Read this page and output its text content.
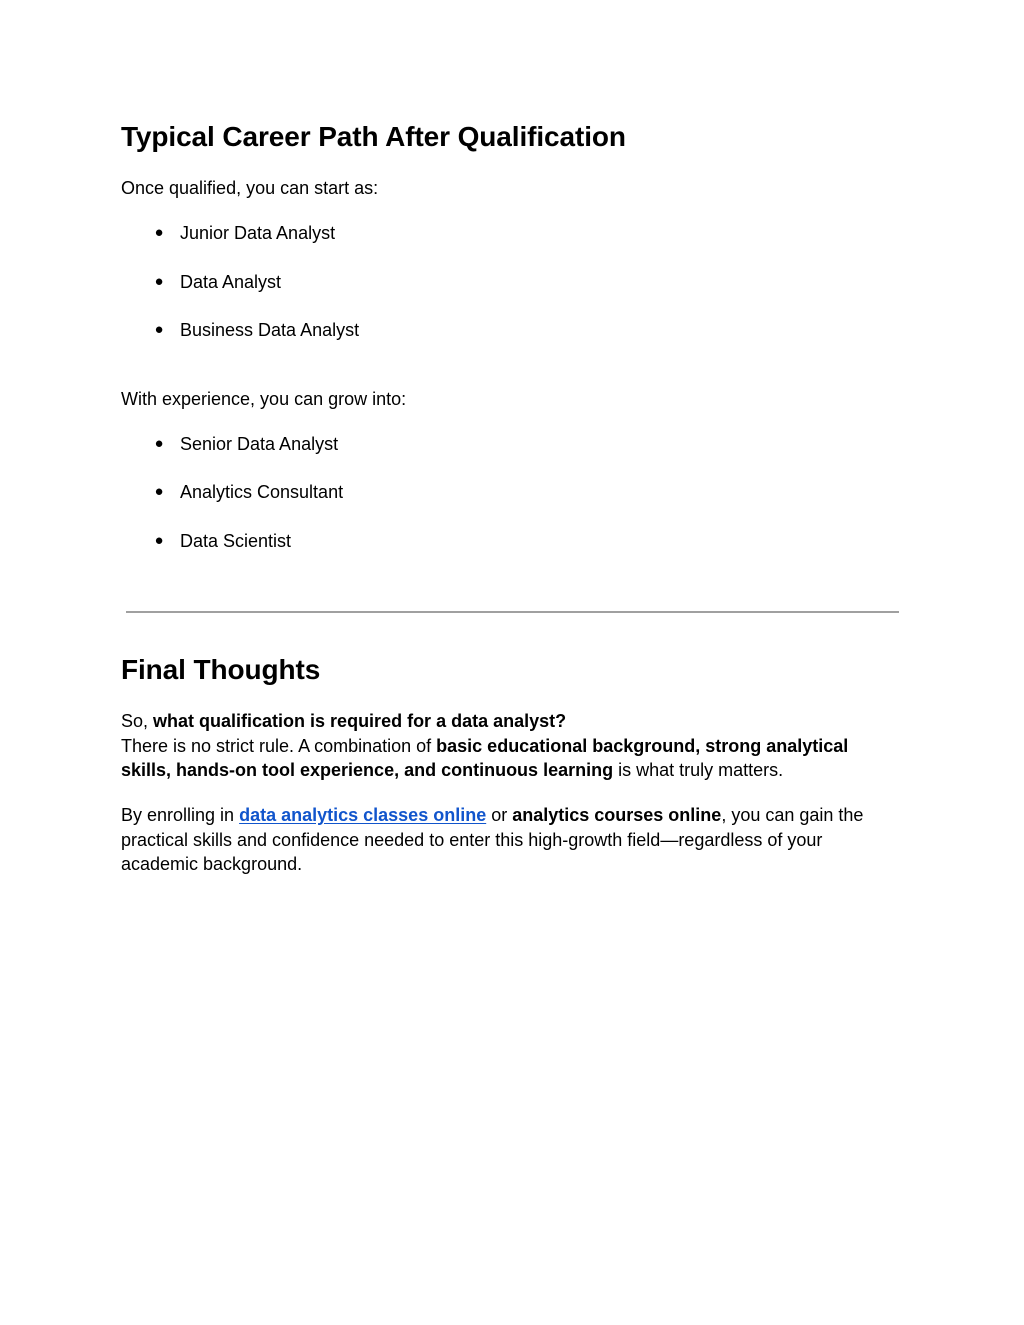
Typical Career Path After Qualification

Once qualified, you can start as:

● Junior Data Analyst
● Data Analyst
● Business Data Analyst

With experience, you can grow into:

● Senior Data Analyst
● Analytics Consultant
● Data Scientist
Final Thoughts

So, what qualification is required for a data analyst?
There is no strict rule. A combination of basic educational background, strong analytical
skills, hands-on tool experience, and continuous learning is what truly matters.

By enrolling in data analytics classes online or analytics courses online, you can gain the
practical skills and confidence needed to enter this high-growth field—regardless of your
academic background.
